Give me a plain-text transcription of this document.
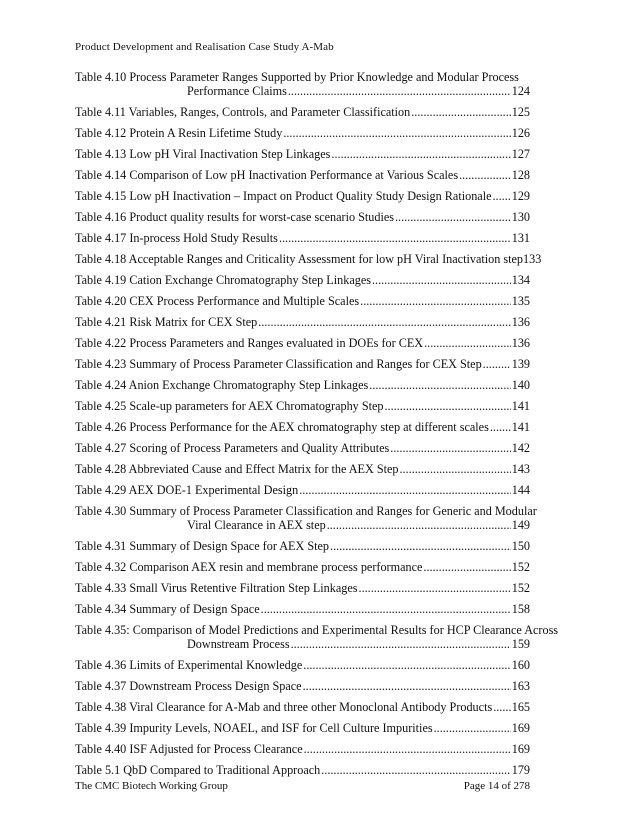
Product Development and Realisation Case Study A-Mab
Table 4.10 Process Parameter Ranges Supported by Prior Knowledge and Modular Process
Performance Claims .....	124
Table 4.11 Variables, Ranges, Controls, and Parameter Classification .....	125
Table 4.12 Protein A Resin Lifetime Study .....	126
Table 4.13 Low pH Viral Inactivation Step Linkages .....	127
Table 4.14 Comparison of Low pH Inactivation Performance at Various Scales .....	128
Table 4.15 Low pH Inactivation – Impact on Product Quality Study Design Rationale ..... 129
Table 4.16 Product quality results for worst-case scenario Studies .....	130
Table 4.17 In-process Hold Study Results .....	131
Table 4.18 Acceptable Ranges and Criticality Assessment for low pH Viral Inactivation step 133
Table 4.19 Cation Exchange Chromatography Step Linkages .....	134
Table 4.20 CEX Process Performance and Multiple Scales .....	135
Table 4.21 Risk Matrix for CEX Step .....	136
Table 4.22 Process Parameters and Ranges evaluated in DOEs for CEX .....	136
Table 4.23 Summary of Process Parameter Classification and Ranges for CEX Step ..... 139
Table 4.24 Anion Exchange Chromatography Step Linkages .....	140
Table 4.25 Scale-up parameters for AEX Chromatography Step .....	141
Table 4.26 Process Performance for the AEX chromatography step at different scales ..... 141
Table 4.27 Scoring of Process Parameters and Quality Attributes .....	142
Table 4.28 Abbreviated Cause and Effect Matrix for the AEX Step .....	143
Table 4.29 AEX DOE-1 Experimental Design .....	144
Table 4.30 Summary of Process Parameter Classification and Ranges for Generic and Modular
Viral Clearance in AEX step .....	149
Table 4.31 Summary of Design Space for AEX Step .....	150
Table 4.32 Comparison AEX resin and membrane process performance .....	152
Table 4.33 Small Virus Retentive Filtration Step Linkages .....	152
Table 4.34 Summary of Design Space .....	158
Table 4.35: Comparison of Model Predictions and Experimental Results for HCP Clearance Across
Downstream Process .....	159
Table 4.36 Limits of Experimental Knowledge .....	160
Table 4.37 Downstream Process Design Space .....	163
Table 4.38 Viral Clearance for A-Mab and three other Monoclonal Antibody Products ..... 165
Table 4.39 Impurity Levels, NOAEL, and ISF for Cell Culture Impurities .....	169
Table 4.40 ISF Adjusted for Process Clearance .....	169
Table 5.1 QbD Compared to Traditional Approach .....	179
The CMC Biotech Working Group	Page 14 of 278
